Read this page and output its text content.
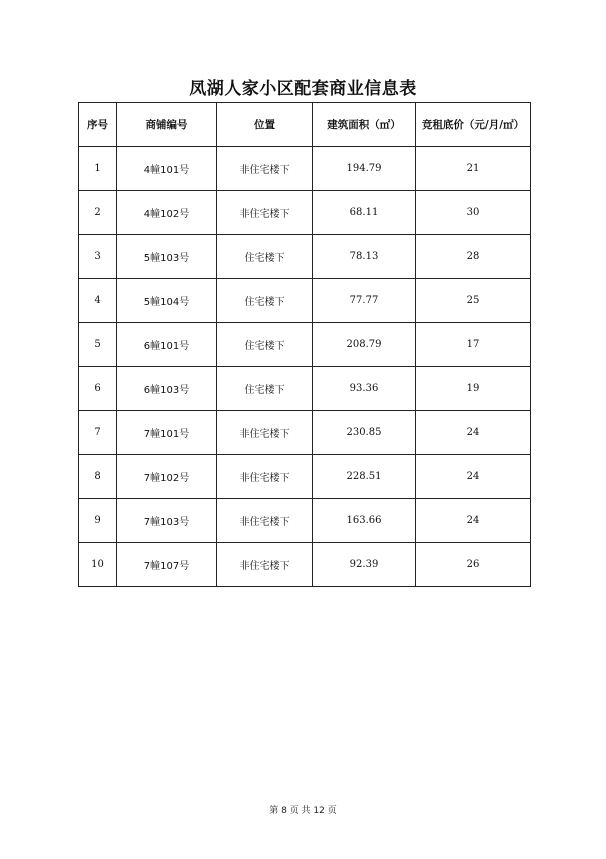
凤湖人家小区配套商业信息表
序号	商铺编号	位置	建筑面积（㎡）	竞租底价（元/月/㎡）
1	4幢101号	非住宅楼下	194.79	21
2	4幢102号	非住宅楼下	68.11	30
3	5幢103号	住宅楼下	78.13	28
4	5幢104号	住宅楼下	77.77	25
5	6幢101号	住宅楼下	208.79	17
6	6幢103号	住宅楼下	93.36	19
7	7幢101号	非住宅楼下	230.85	24
8	7幢102号	非住宅楼下	228.51	24
9	7幢103号	非住宅楼下	163.66	24
10	7幢107号	非住宅楼下	92.39	26
第 8 页 共 12 页
